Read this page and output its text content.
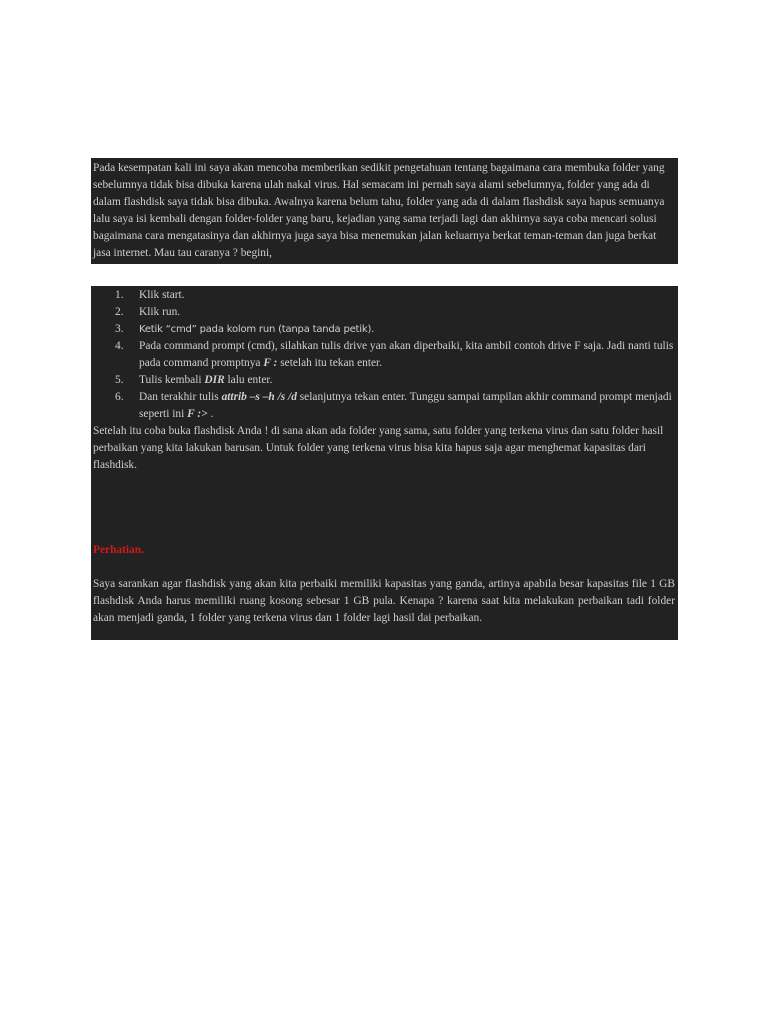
Pada kesempatan kali ini saya akan mencoba memberikan sedikit pengetahuan tentang bagaimana cara membuka folder yang sebelumnya tidak bisa dibuka karena ulah nakal virus. Hal semacam ini pernah saya alami sebelumnya, folder yang ada di dalam flashdisk saya tidak bisa dibuka. Awalnya karena belum tahu, folder yang ada di dalam flashdisk saya hapus semuanya lalu saya isi kembali dengan folder-folder yang baru, kejadian yang sama terjadi lagi dan akhirnya saya coba mencari solusi bagaimana cara mengatasinya dan akhirnya juga saya bisa menemukan jalan keluarnya berkat teman-teman dan juga berkat jasa internet. Mau tau caranya ? begini,

1. Klik start.
2. Klik run.
3. Ketik “cmd” pada kolom run (tanpa tanda petik).
4. Pada command prompt (cmd), silahkan tulis drive yan akan diperbaiki, kita ambil contoh drive F saja. Jadi nanti tulis pada command promptnya F : setelah itu tekan enter.
5. Tulis kembali DIR lalu enter.
6. Dan terakhir tulis attrib –s –h /s /d selanjutnya tekan enter. Tunggu sampai tampilan akhir command prompt menjadi seperti ini F :> .

Setelah itu coba buka flashdisk Anda ! di sana akan ada folder yang sama, satu folder yang terkena virus dan satu folder hasil perbaikan yang kita lakukan barusan. Untuk folder yang terkena virus bisa kita hapus saja agar menghemat kapasitas dari flashdisk.

Perhatian.

Saya sarankan agar flashdisk yang akan kita perbaiki memiliki kapasitas yang ganda, artinya apabila besar kapasitas file 1 GB flashdisk Anda harus memiliki ruang kosong sebesar 1 GB pula. Kenapa ? karena saat kita melakukan perbaikan tadi folder akan menjadi ganda, 1 folder yang terkena virus dan 1 folder lagi hasil dai perbaikan.
